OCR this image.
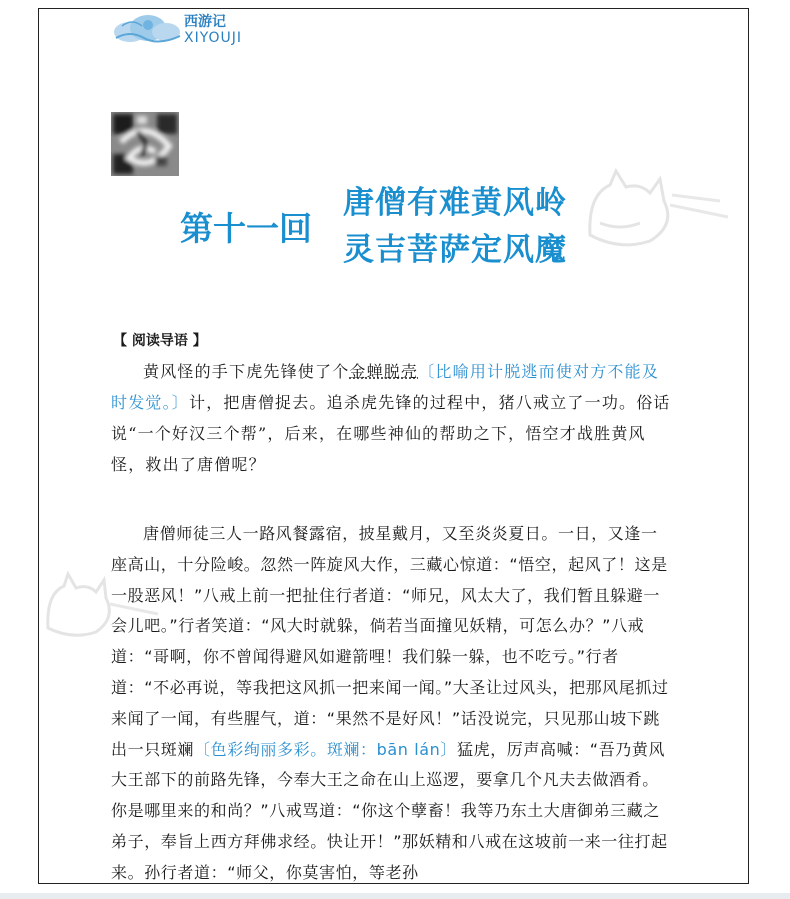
西游记
XIYOUJI
第十一回
唐僧有难黄风岭
灵吉菩萨定风魔
【 阅读导语 】

黄风怪的手下虎先锋使了个金蝉脱壳〔比喻用计脱逃而使对方不能及时发觉。〕计，把唐僧捉去。追杀虎先锋的过程中，猪八戒立了一功。俗话说“一个好汉三个帮”，后来，在哪些神仙的帮助之下，悟空才战胜黄风怪，救出了唐僧呢？

唐僧师徒三人一路风餐露宿，披星戴月，又至炎炎夏日。一日，又逢一座高山，十分险峻。忽然一阵旋风大作，三藏心惊道：“悟空，起风了！这是一股恶风！”八戒上前一把扯住行者道：“师兄，风太大了，我们暂且躲避一会儿吧。”行者笑道：“风大时就躲，倘若当面撞见妖精，可怎么办？”八戒道：“哥啊，你不曾闻得避风如避箭哩！我们躲一躲，也不吃亏。”行者道：“不必再说，等我把这风抓一把来闻一闻。”大圣让过风头，把那风尾抓过来闻了一闻，有些腥气，道：“果然不是好风！”话没说完，只见那山坡下跳出一只斑斓〔色彩绚丽多彩。斑斓：bān lán〕猛虎，厉声高喊：“吾乃黄风大王部下的前路先锋，今奉大王之命在山上巡逻，要拿几个凡夫去做酒肴。你是哪里来的和尚？”八戒骂道：“你这个孽畜！我等乃东土大唐御弟三藏之弟子，奉旨上西方拜佛求经。快让开！”那妖精和八戒在这坡前一来一往打起来。孙行者道：“师父，你莫害怕，等老孙
